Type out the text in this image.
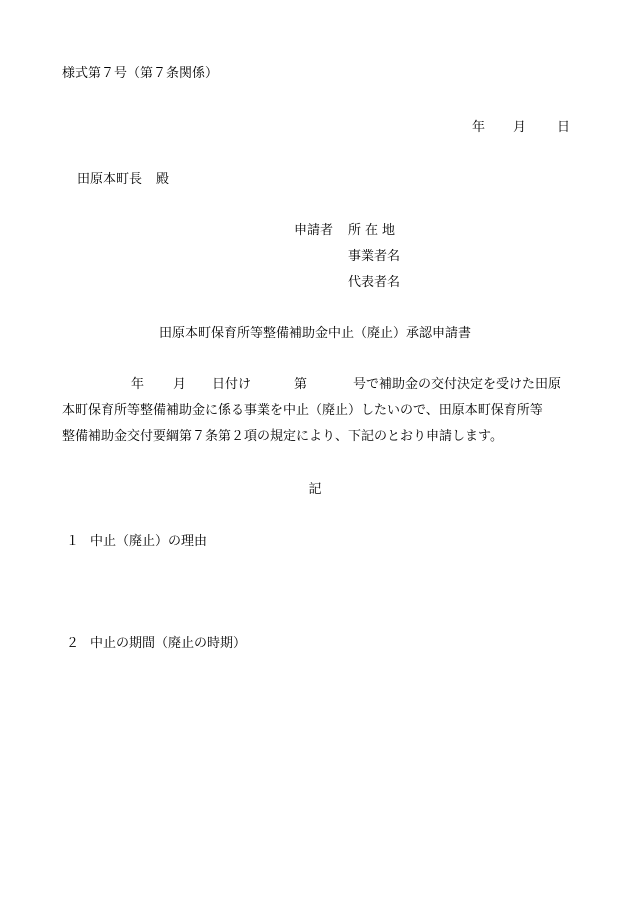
様式第７号（第７条関係）
年 月 日
田原本町長 殿
申請者 所在地
事業者名
代表者名
田原本町保育所等整備補助金中止（廃止）承認申請書
年 月 日付け	第	号で補助金の交付決定を受けた田原
本町保育所等整備補助金に係る事業を中止（廃止）したいので、田原本町保育所等
整備補助金交付要綱第７条第２項の規定により、下記のとおり申請します。
記
１ 中止（廃止）の理由
２ 中止の期間（廃止の時期）
